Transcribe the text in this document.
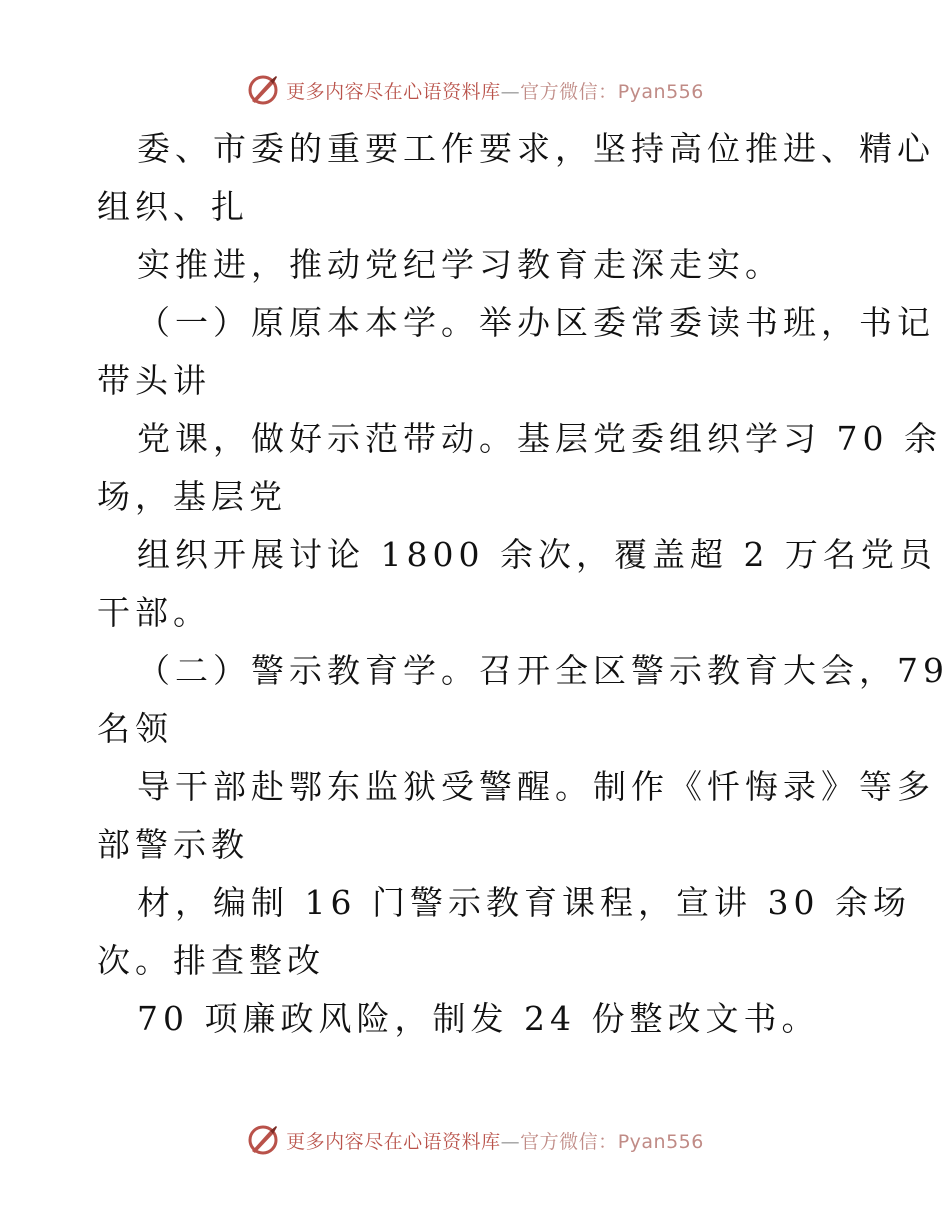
更多内容尽在心语资料库—官方微信：Pyan556
委、市委的重要工作要求，坚持高位推进、精心
组织、扎
实推进，推动党纪学习教育走深走实。
（一）原原本本学。举办区委常委读书班，书记
带头讲
党课，做好示范带动。基层党委组织学习 70 余
场，基层党
组织开展讨论 1800 余次，覆盖超 2 万名党员
干部。
（二）警示教育学。召开全区警示教育大会，79
名领
导干部赴鄂东监狱受警醒。制作《忏悔录》等多
部警示教
材，编制 16 门警示教育课程，宣讲 30 余场
次。排查整改
70 项廉政风险，制发 24 份整改文书。
更多内容尽在心语资料库—官方微信：Pyan556
